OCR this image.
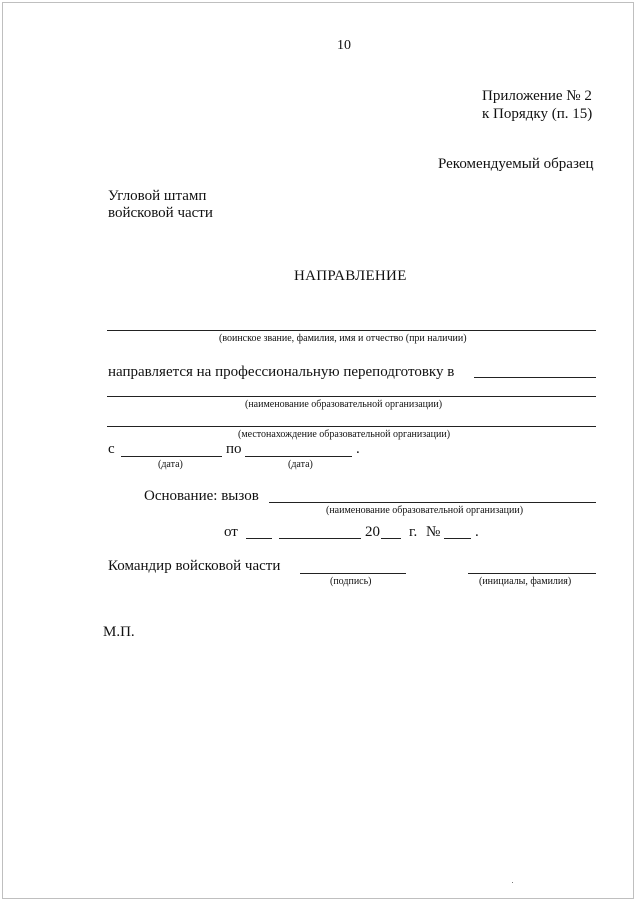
10
Приложение № 2
к Порядку (п. 15)
Рекомендуемый образец
Угловой штамп
войсковой части
НАПРАВЛЕНИЕ
(воинское звание, фамилия, имя и отчество (при наличии)
направляется на профессиональную переподготовку в
(наименование образовательной организации)
(местонахождение образовательной организации)
с	по	.
(дата)	(дата)
Основание: вызов
(наименование образовательной организации)
от	20 г. № .
Командир войсковой части
(подпись)	(инициалы, фамилия)
М.П.
